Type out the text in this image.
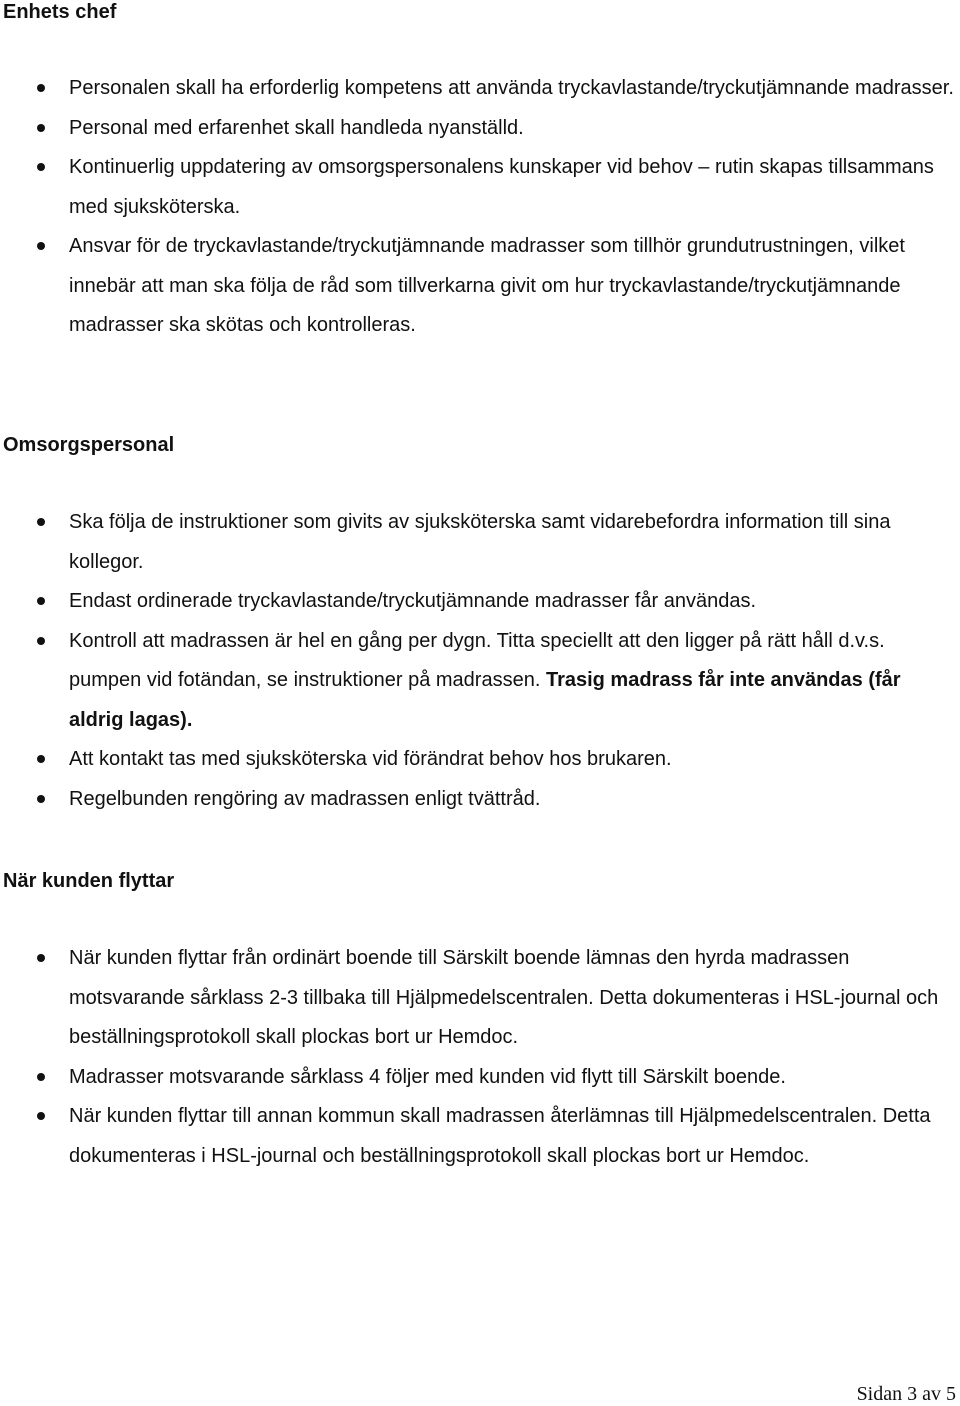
Enhets chef
Personalen skall ha erforderlig kompetens att använda tryckavlastande/tryckutjämnande madrasser.
Personal med erfarenhet skall handleda nyanställd.
Kontinuerlig uppdatering av omsorgspersonalens kunskaper vid behov – rutin skapas tillsammans med sjuksköterska.
Ansvar för de tryckavlastande/tryckutjämnande madrasser som tillhör grundutrustningen, vilket innebär att man ska följa de råd som tillverkarna givit om hur tryckavlastande/tryckutjämnande madrasser ska skötas och kontrolleras.
Omsorgspersonal
Ska följa de instruktioner som givits av sjuksköterska samt vidarebefordra information till sina kollegor.
Endast ordinerade tryckavlastande/tryckutjämnande madrasser får användas.
Kontroll att madrassen är hel en gång per dygn. Titta speciellt att den ligger på rätt håll d.v.s. pumpen vid fotändan, se instruktioner på madrassen. Trasig madrass får inte användas (får aldrig lagas).
Att kontakt tas med sjuksköterska vid förändrat behov hos brukaren.
Regelbunden rengöring av madrassen enligt tvättråd.
När kunden flyttar
När kunden flyttar från ordinärt boende till Särskilt boende lämnas den hyrda madrassen motsvarande sårklass 2-3 tillbaka till Hjälpmedelscentralen. Detta dokumenteras i HSL-journal och beställningsprotokoll skall plockas bort ur Hemdoc.
Madrasser motsvarande sårklass 4 följer med kunden vid flytt till Särskilt boende.
När kunden flyttar till annan kommun skall madrassen återlämnas till Hjälpmedelscentralen. Detta dokumenteras i HSL-journal och beställningsprotokoll skall plockas bort ur Hemdoc.
Sidan 3 av 5
